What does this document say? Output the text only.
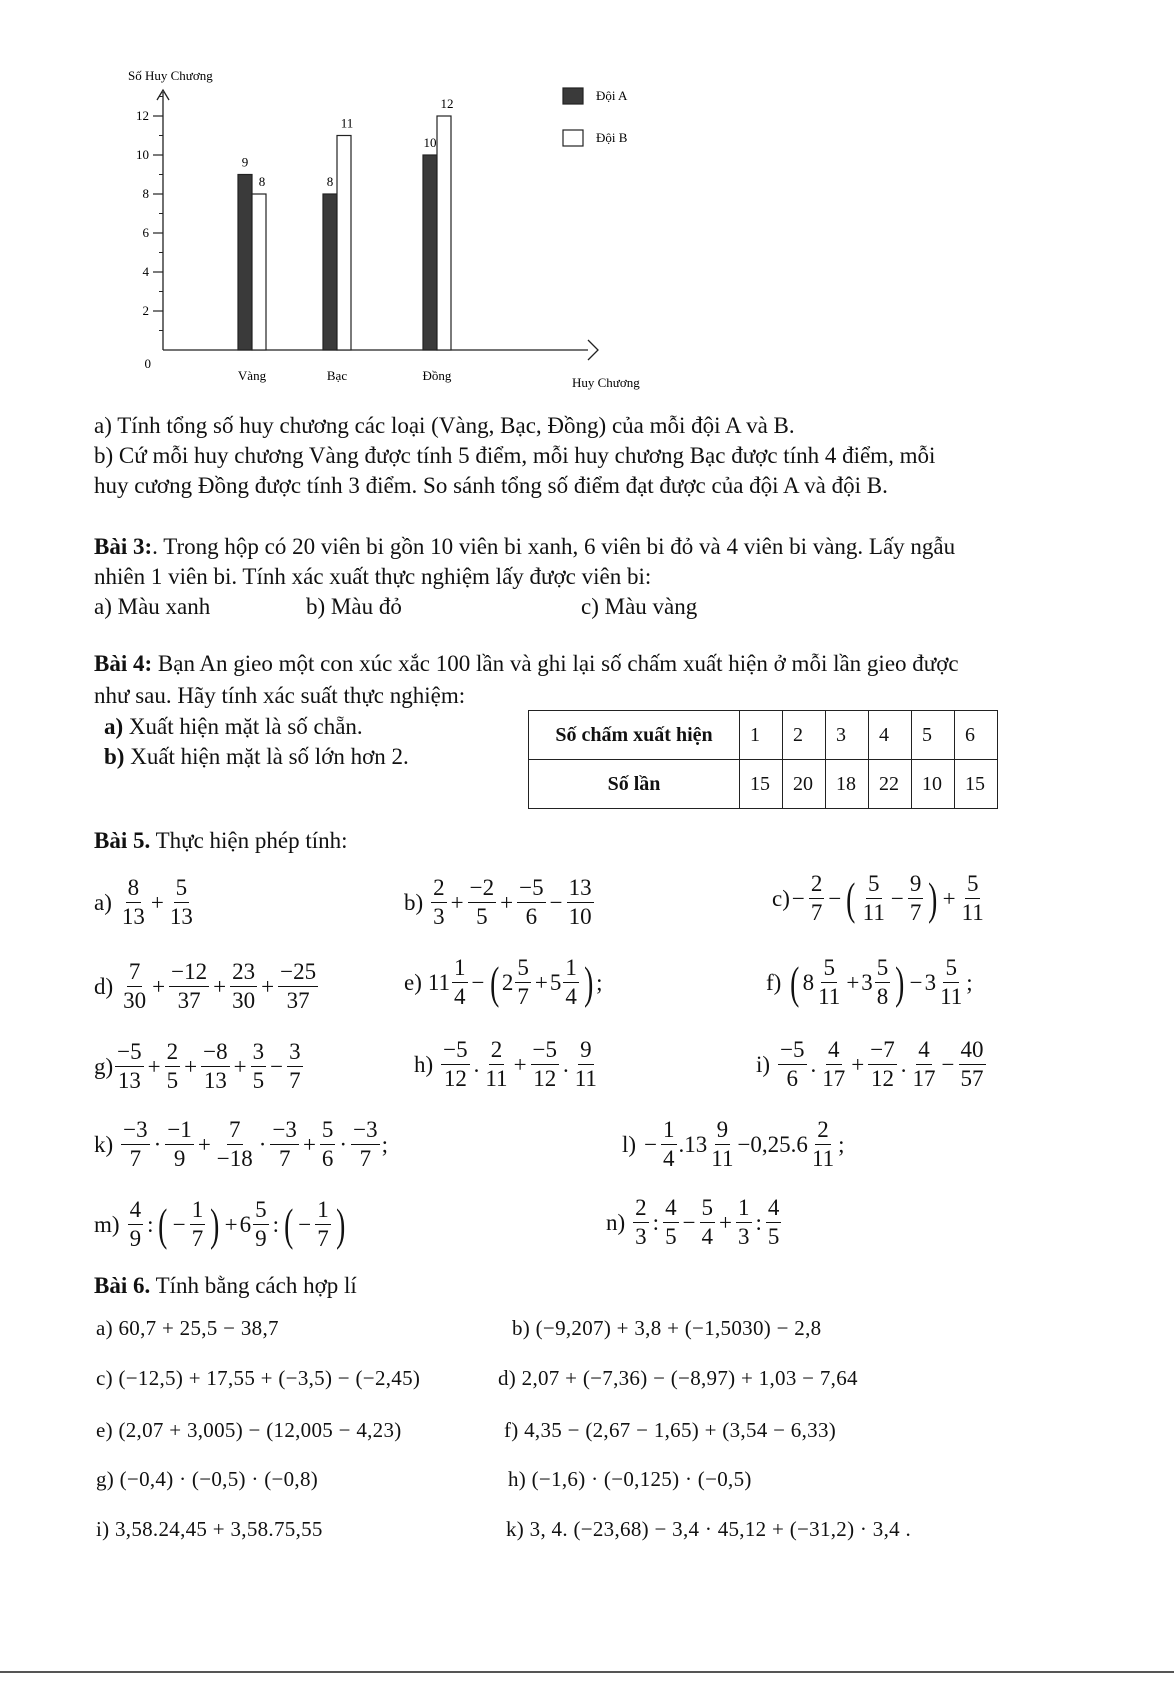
Số Huy Chương
Huy Chương
0
2
4
6
8
10
12
9
8
Vàng
8
11
Bạc
10
12
Đồng
Đội A
Đội B
a) Tính tổng số huy chương các loại (Vàng, Bạc, Đồng) của mỗi đội A và B.
b) Cứ mỗi huy chương Vàng được tính 5 điểm, mỗi huy chương Bạc được tính 4 điểm, mỗi
huy cương Đồng được tính 3 điểm. So sánh tổng số điểm đạt được của đội A và đội B.
Bài 3:. Trong hộp có 20 viên bi gồn 10 viên bi xanh, 6 viên bi đỏ và 4 viên bi vàng. Lấy ngẫu
nhiên 1 viên bi. Tính xác xuất thực nghiệm lấy được viên bi:
a) Màu xanh	b) Màu đỏ	c) Màu vàng
Bài 4: Bạn An gieo một con xúc xắc 100 lần và ghi lại số chấm xuất hiện ở mỗi lần gieo được
như sau. Hãy tính xác suất thực nghiệm:
a) Xuất hiện mặt là số chẵn.
b) Xuất hiện mặt là số lớn hơn 2.
Số chấm xuất hiện	1	2	3	4	5	6
Số lần	15	20	18	22	10	15
Bài 5. Thực hiện phép tính:
$a) \frac{8}{13} + \frac{5}{13}$	$b) \frac{2}{3} + \frac{-2}{5} + \frac{-5}{6} - \frac{13}{10}$	$c) - \frac{2}{7}$ − ( $\frac{5}{11} - \frac{9}{7}$ ) + $\frac{5}{11}$
$d) \frac{7}{30} + \frac{-12}{37} + \frac{23}{30} + \frac{-25}{37}$	e) $11 \frac{1}{4}$ − ( $2 \frac{5}{7} + 5 \frac{1}{4}$ ) ;	f) ( $8 \frac{5}{11} + 3 \frac{5}{8}$ ) − $3 \frac{5}{11}$ ;
$g) \frac{-5}{13} + \frac{2}{5} + \frac{-8}{13} + \frac{3}{5} - \frac{3}{7}$	$h) \frac{-5}{12}$ . $\frac{2}{11} + \frac{-5}{12}$ . $\frac{9}{11}$	$i) \frac{-5}{6}$ . $\frac{4}{17} + \frac{-7}{12}$ . $\frac{4}{17} - \frac{40}{57}$
$k) \frac{-3}{7} \cdot \frac{-1}{9} + \frac{7}{-18} \cdot \frac{-3}{7} + \frac{5}{6} \cdot \frac{-3}{7}$ ;	$l) - \frac{1}{4} .13 \frac{9}{11} -0,25.6 \frac{2}{11}$ ;
$m) \frac{4}{9}$ : ( − $\frac{1}{7}$ ) + $6 \frac{5}{9}$ : ( − $\frac{1}{7}$ )	$n) \frac{2}{3}$ : $\frac{4}{5} - \frac{5}{4} + \frac{1}{3}$ : $\frac{4}{5}$
Bài 6. Tính bằng cách hợp lí
a) 60,7 + 25,5 − 38,7	b) (−9,207) + 3,8 + (−1,5030) − 2,8
c) (−12,5) + 17,55 + (−3,5) − (−2,45)	d) 2,07 + (−7,36) − (−8,97) + 1,03 − 7,64
e) (2,07 + 3,005) − (12,005 − 4,23)	f) 4,35 − (2,67 − 1,65) + (3,54 − 6,33)
g) (−0,4) · (−0,5) · (−0,8)	h) (−1,6) · (−0,125) · (−0,5)
i) 3,58.24,45 + 3,58.75,55	k) 3, 4. (−23,68) − 3,4 · 45,12 + (−31,2) · 3,4 .
